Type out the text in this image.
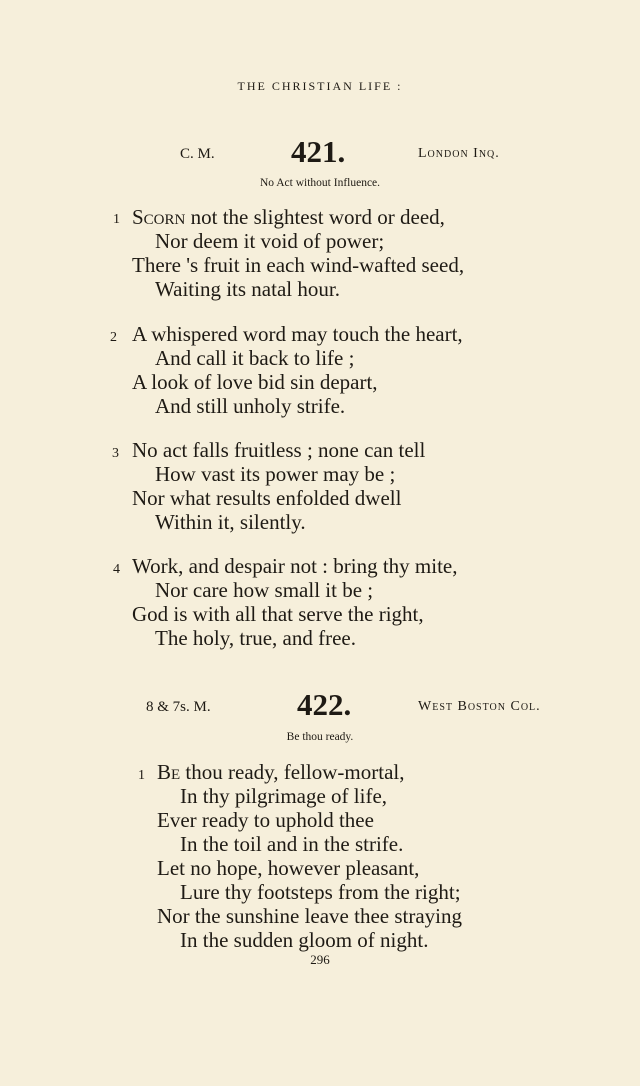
THE CHRISTIAN LIFE :
C. M. 421.	London Inq.
No Act without Influence.
1 Scorn not the slightest word or deed,
Nor deem it void of power;
There 's fruit in each wind-wafted seed,
Waiting its natal hour.
2 A whispered word may touch the heart,
And call it back to life ;
A look of love bid sin depart,
And still unholy strife.
3 No act falls fruitless ; none can tell
How vast its power may be ;
Nor what results enfolded dwell
Within it, silently.
4 Work, and despair not : bring thy mite,
Nor care how small it be ;
God is with all that serve the right,
The holy, true, and free.
8 & 7s. M.	422.	West Boston Col.
Be thou ready.
1 Be thou ready, fellow-mortal,
In thy pilgrimage of life,
Ever ready to uphold thee
In the toil and in the strife.
Let no hope, however pleasant,
Lure thy footsteps from the right;
Nor the sunshine leave thee straying
In the sudden gloom of night.
296
